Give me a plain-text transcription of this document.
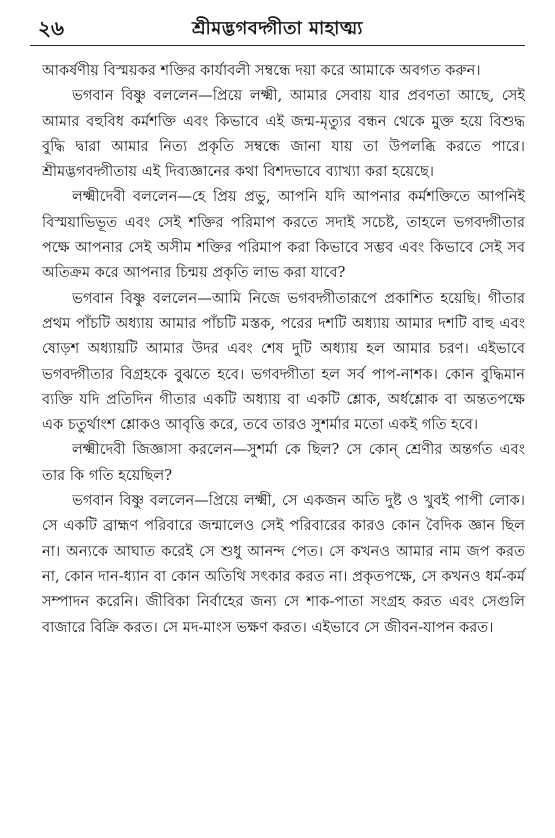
২৬	শ্রীমদ্ভগবদ্গীতা মাহাত্ম্য

আকর্ষণীয় বিস্ময়কর শক্তির কার্যাবলী সম্বন্ধে দয়া করে আমাকে অবগত করুন।

ভগবান বিষ্ণু বললেন—প্রিয়ে লক্ষ্মী, আমার সেবায় যার প্রবণতা আছে, সেই আমার বহুবিধ কর্মশক্তি এবং কিভাবে এই জন্ম-মৃত্যুর বন্ধন থেকে মুক্ত হয়ে বিশুদ্ধ বুদ্ধি দ্বারা আমার নিত্য প্রকৃতি সম্বন্ধে জানা যায় তা উপলব্ধি করতে পারে। শ্রীমদ্ভগবদ্গীতায় এই দিব্যজ্ঞানের কথা বিশদভাবে ব্যাখ্যা করা হয়েছে।

লক্ষ্মীদেবী বললেন—হে প্রিয় প্রভু, আপনি যদি আপনার কর্মশক্তিতে আপনিই বিস্ময়াভিভূত এবং সেই শক্তির পরিমাপ করতে সদাই সচেষ্ট, তাহলে ভগবদ্গীতার পক্ষে আপনার সেই অসীম শক্তির পরিমাপ করা কিভাবে সম্ভব এবং কিভাবে সেই সব অতিক্রম করে আপনার চিন্ময় প্রকৃতি লাভ করা যাবে?

ভগবান বিষ্ণু বললেন—আমি নিজে ভগবদ্গীতারূপে প্রকাশিত হয়েছি। গীতার প্রথম পাঁচটি অধ্যায় আমার পাঁচটি মস্তক, পরের দশটি অধ্যায় আমার দশটি বাহু এবং ষোড়শ অধ্যায়টি আমার উদর এবং শেষ দুটি অধ্যায় হল আমার চরণ। এইভাবে ভগবদ্গীতার বিগ্রহকে বুঝতে হবে। ভগবদ্গীতা হল সর্ব পাপ-নাশক। কোন বুদ্ধিমান ব্যক্তি যদি প্রতিদিন গীতার একটি অধ্যায় বা একটি শ্লোক, অর্ধশ্লোক বা অন্ততপক্ষে এক চতুর্থাংশ শ্লোকও আবৃত্তি করে, তবে তারও সুশর্মার মতো একই গতি হবে।

লক্ষ্মীদেবী জিজ্ঞাসা করলেন—সুশর্মা কে ছিল? সে কোন্ শ্রেণীর অন্তর্গত এবং তার কি গতি হয়েছিল?

ভগবান বিষ্ণু বললেন—প্রিয়ে লক্ষ্মী, সে একজন অতি দুষ্ট ও খুবই পাপী লোক। সে একটি ব্রাহ্মণ পরিবারে জন্মালেও সেই পরিবারের কারও কোন বৈদিক জ্ঞান ছিল না। অন্যকে আঘাত করেই সে শুধু আনন্দ পেত। সে কখনও আমার নাম জপ করত না, কোন দান-ধ্যান বা কোন অতিথি সৎকার করত না। প্রকৃতপক্ষে, সে কখনও ধর্ম-কর্ম সম্পাদন করেনি। জীবিকা নির্বাহের জন্য সে শাক-পাতা সংগ্রহ করত এবং সেগুলি বাজারে বিক্রি করত। সে মদ-মাংস ভক্ষণ করত। এইভাবে সে জীবন-যাপন করত।
